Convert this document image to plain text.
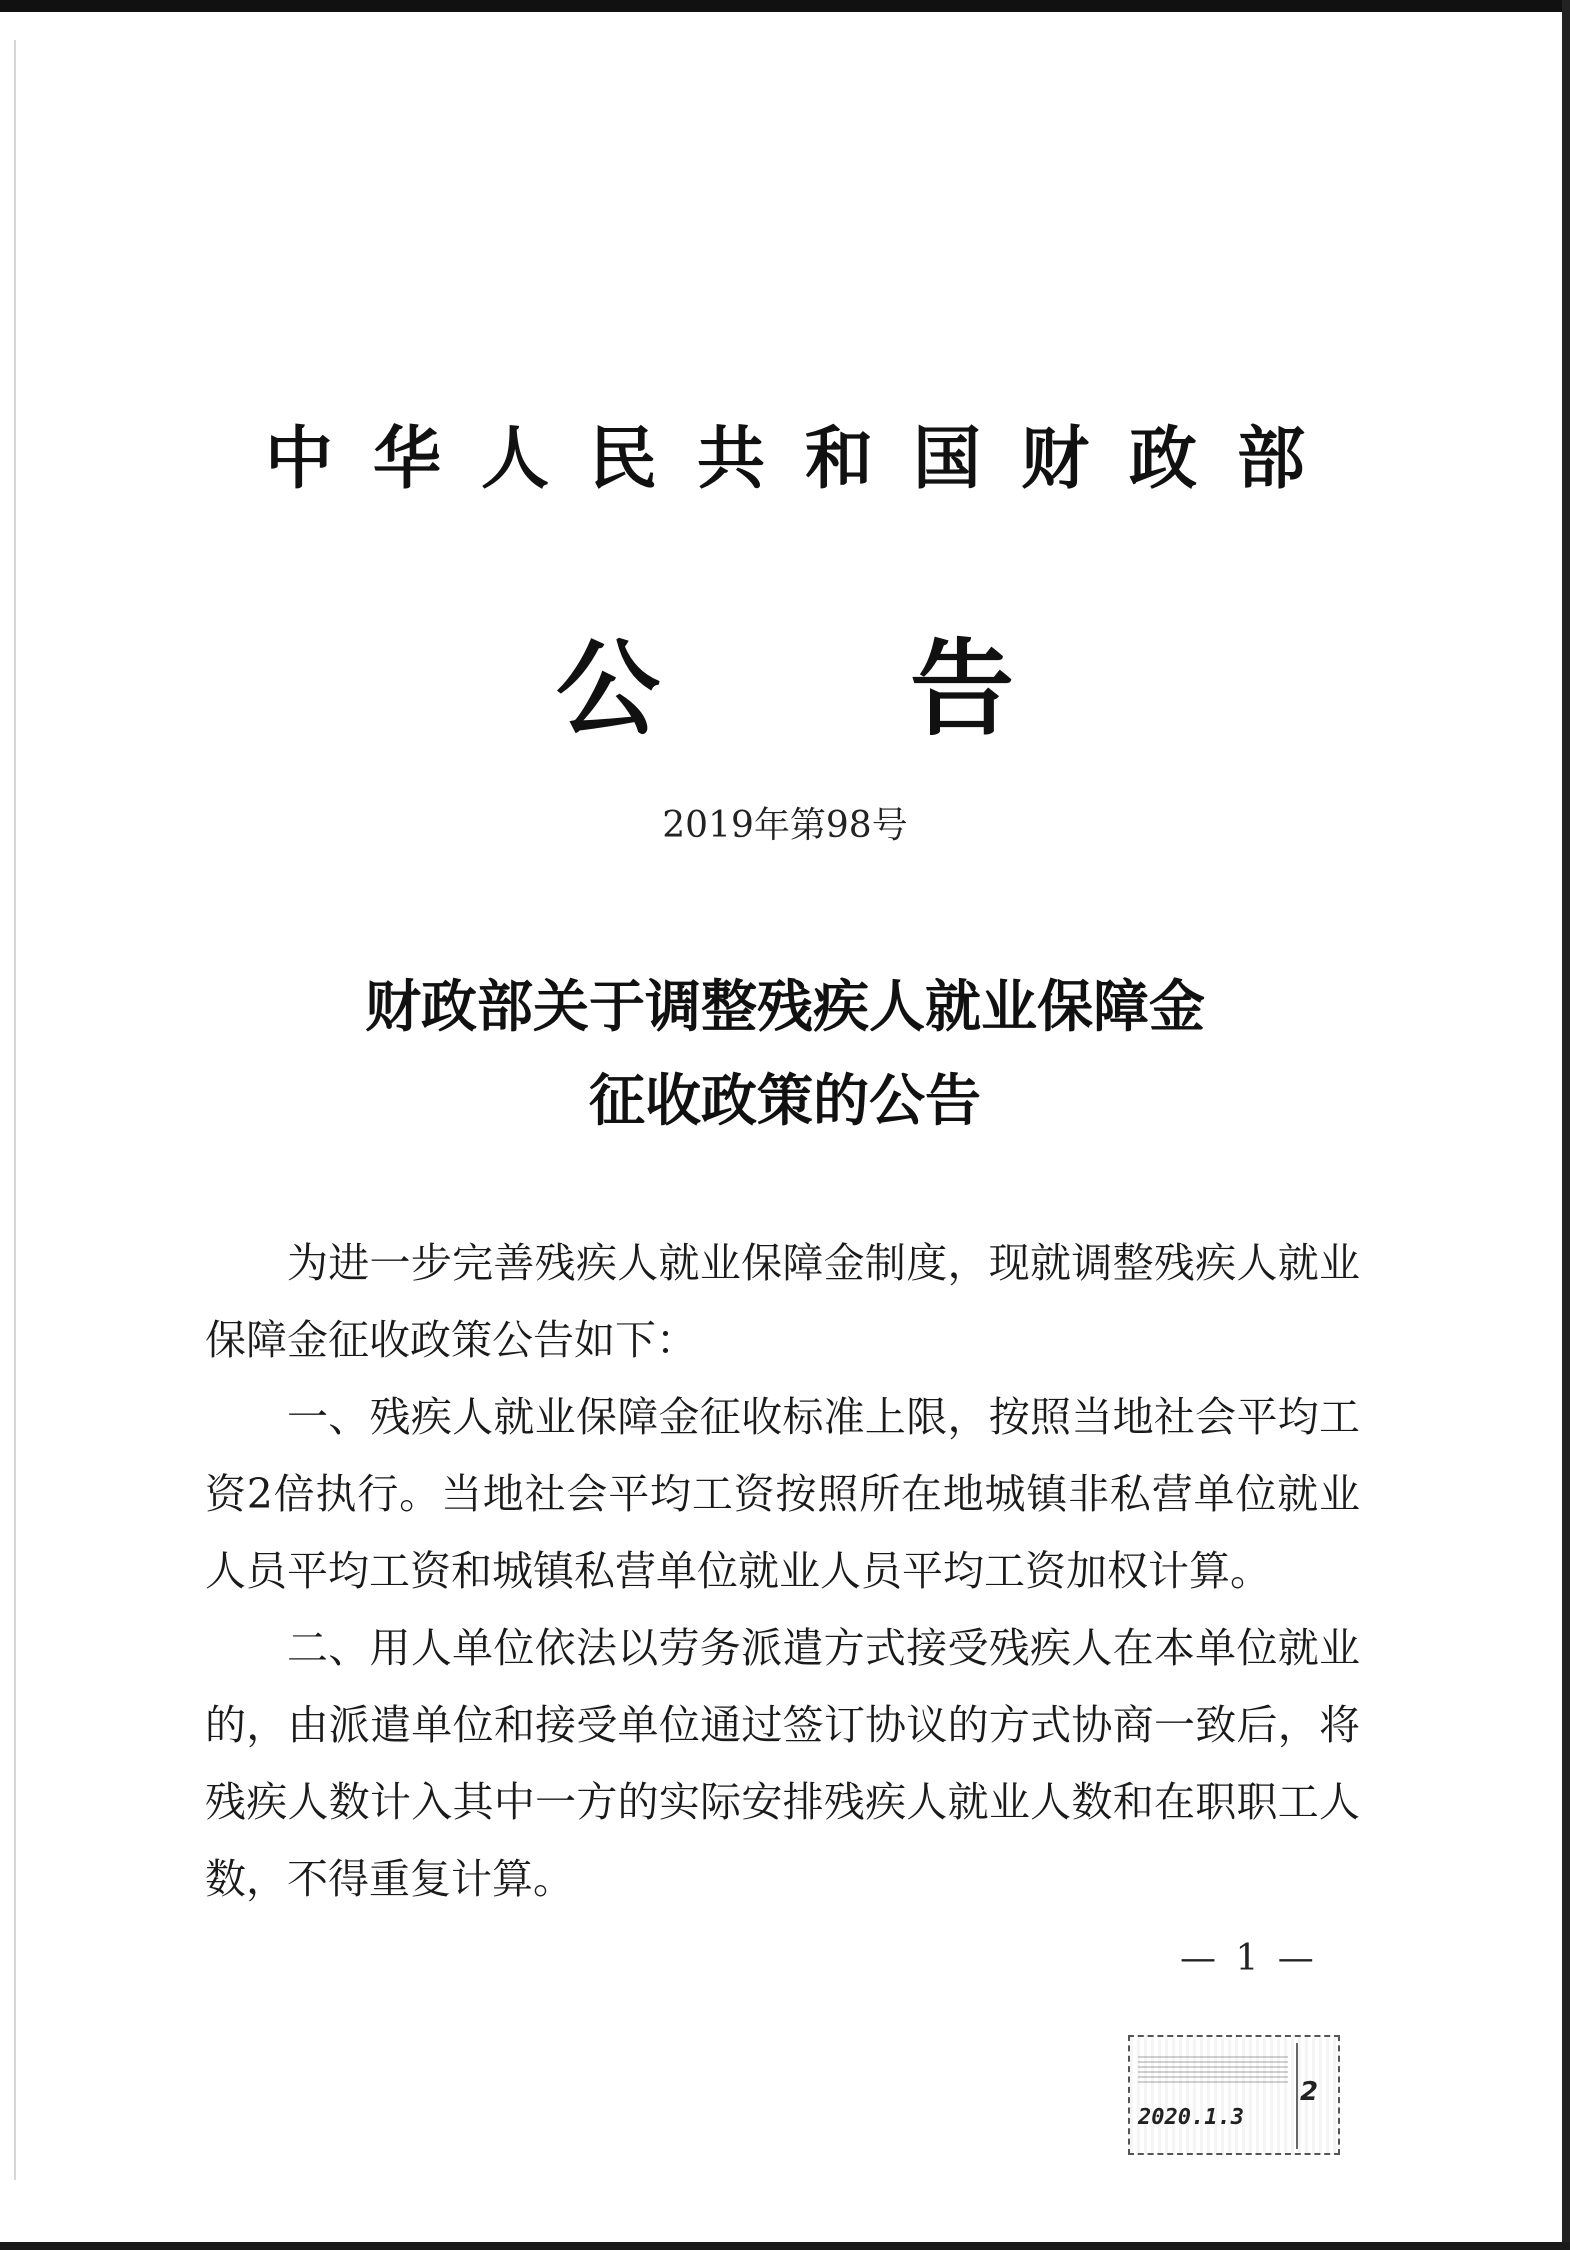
中华人民共和国财政部
公告
2019年第98号
财政部关于调整残疾人就业保障金
征收政策的公告

为进一步完善残疾人就业保障金制度，现就调整残疾人就业保障金征收政策公告如下：

一、残疾人就业保障金征收标准上限，按照当地社会平均工资2倍执行。当地社会平均工资按照所在地城镇非私营单位就业人员平均工资和城镇私营单位就业人员平均工资加权计算。

二、用人单位依法以劳务派遣方式接受残疾人在本单位就业的，由派遣单位和接受单位通过签订协议的方式协商一致后，将残疾人数计入其中一方的实际安排残疾人就业人数和在职职工人数，不得重复计算。

— 1 —
2020.1.3
2
